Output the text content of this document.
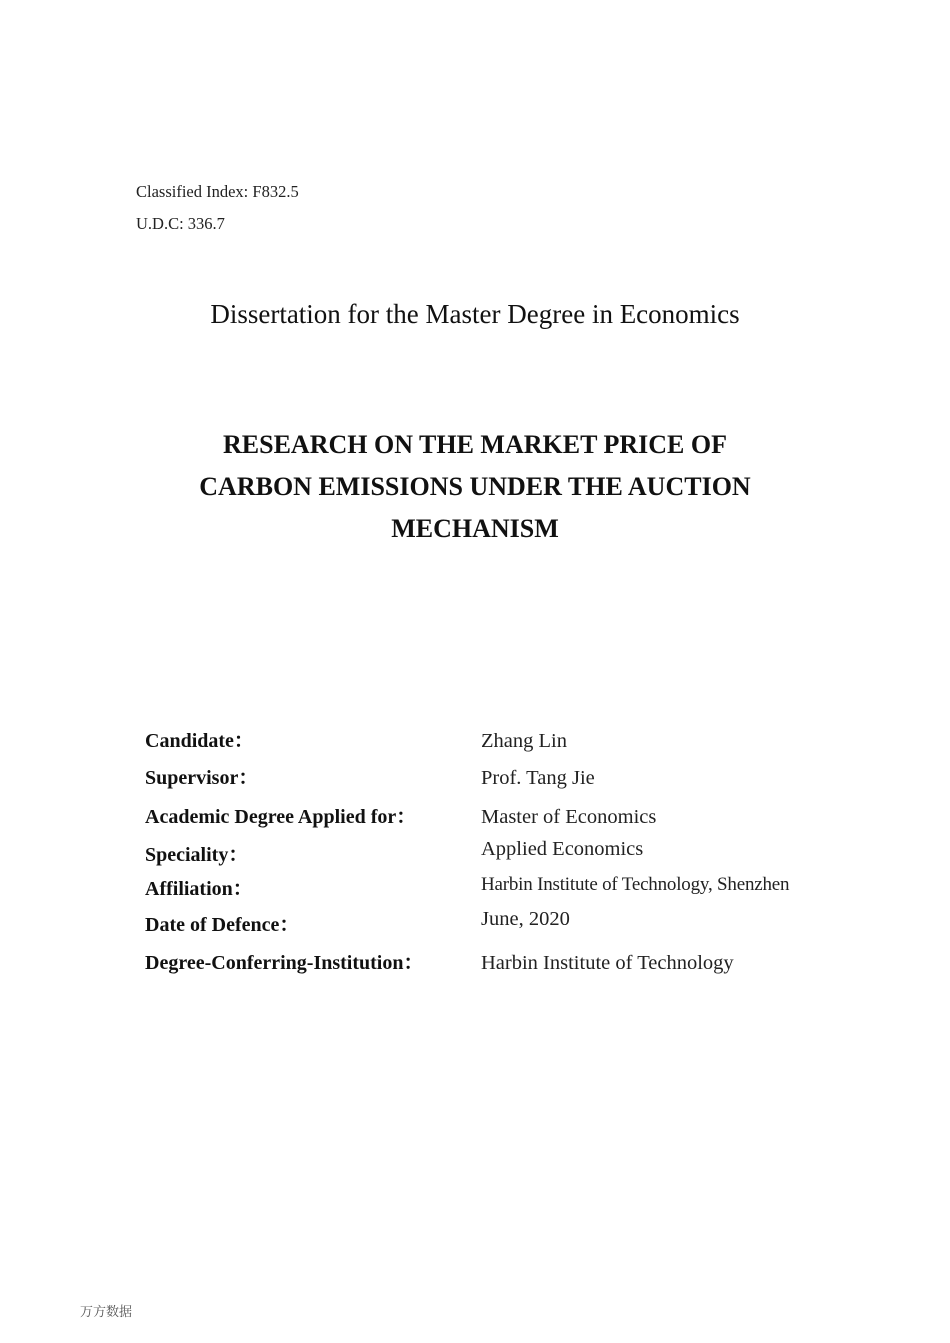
Classified Index: F832.5
U.D.C: 336.7
Dissertation for the Master Degree in Economics
RESEARCH ON THE MARKET PRICE OF
CARBON EMISSIONS UNDER THE AUCTION
MECHANISM
Candidate：	Zhang Lin
Supervisor：	Prof. Tang Jie
Academic Degree Applied for：	Master of Economics
Speciality：	Applied Economics
Affiliation：	Harbin Institute of Technology, Shenzhen
Date of Defence：	June, 2020
Degree-Conferring-Institution：	Harbin Institute of Technology
万方数据
